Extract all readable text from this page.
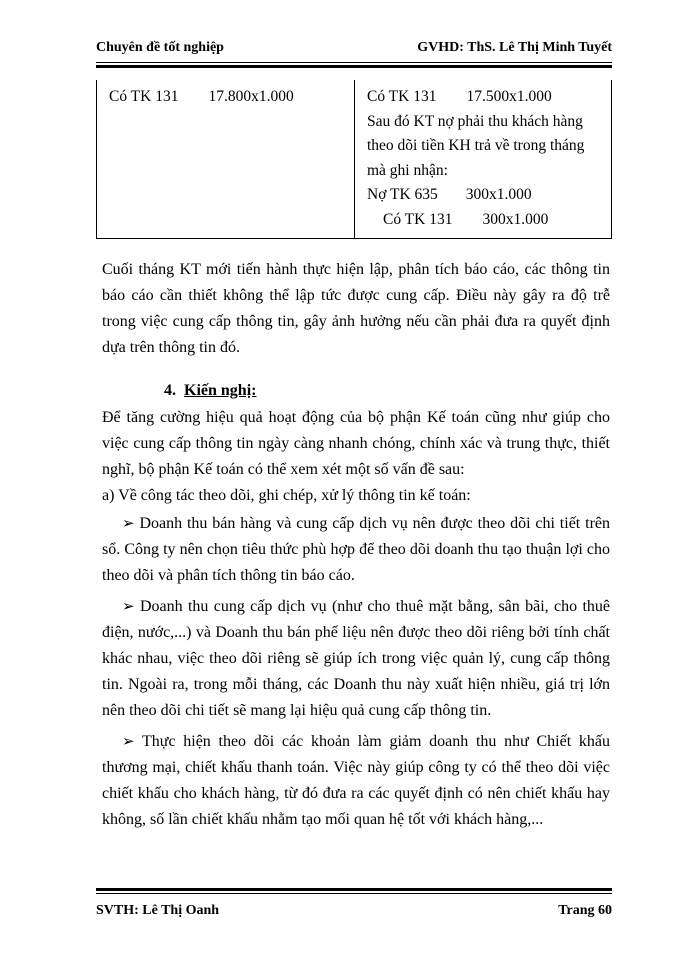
Chuyên đề tốt nghiệp	GVHD: ThS. Lê Thị Minh Tuyết
Có TK 131 17.800x1.000	Có TK 131 17.500x1.000
Sau đó KT nợ phải thu khách hàng
theo dõi tiền KH trả về trong tháng
mà ghi nhận:
Nợ TK 635 300x1.000
Có TK 131 300x1.000

Cuối tháng KT mới tiến hành thực hiện lập, phân tích báo cáo, các thông tin báo cáo cần thiết không thể lập tức được cung cấp. Điều này gây ra độ trễ trong việc cung cấp thông tin, gây ảnh hưởng nếu cần phải đưa ra quyết định dựa trên thông tin đó.

4. Kiến nghị:

Để tăng cường hiệu quả hoạt động của bộ phận Kế toán cũng như giúp cho việc cung cấp thông tin ngày càng nhanh chóng, chính xác và trung thực, thiết nghĩ, bộ phận Kế toán có thể xem xét một số vấn đề sau:

a) Về công tác theo dõi, ghi chép, xử lý thông tin kế toán:

➢ Doanh thu bán hàng và cung cấp dịch vụ nên được theo dõi chi tiết trên sổ. Công ty nên chọn tiêu thức phù hợp để theo dõi doanh thu tạo thuận lợi cho theo dõi và phân tích thông tin báo cáo.

➢ Doanh thu cung cấp dịch vụ (như cho thuê mặt bằng, sân bãi, cho thuê điện, nước,...) và Doanh thu bán phế liệu nên được theo dõi riêng bởi tính chất khác nhau, việc theo dõi riêng sẽ giúp ích trong việc quản lý, cung cấp thông tin. Ngoài ra, trong mỗi tháng, các Doanh thu này xuất hiện nhiều, giá trị lớn nên theo dõi chi tiết sẽ mang lại hiệu quả cung cấp thông tin.

➢ Thực hiện theo dõi các khoản làm giảm doanh thu như Chiết khấu thương mại, chiết khấu thanh toán. Việc này giúp công ty có thể theo dõi việc chiết khấu cho khách hàng, từ đó đưa ra các quyết định có nên chiết khấu hay không, số lần chiết khấu nhằm tạo mối quan hệ tốt với khách hàng,...

SVTH: Lê Thị Oanh	Trang 60
